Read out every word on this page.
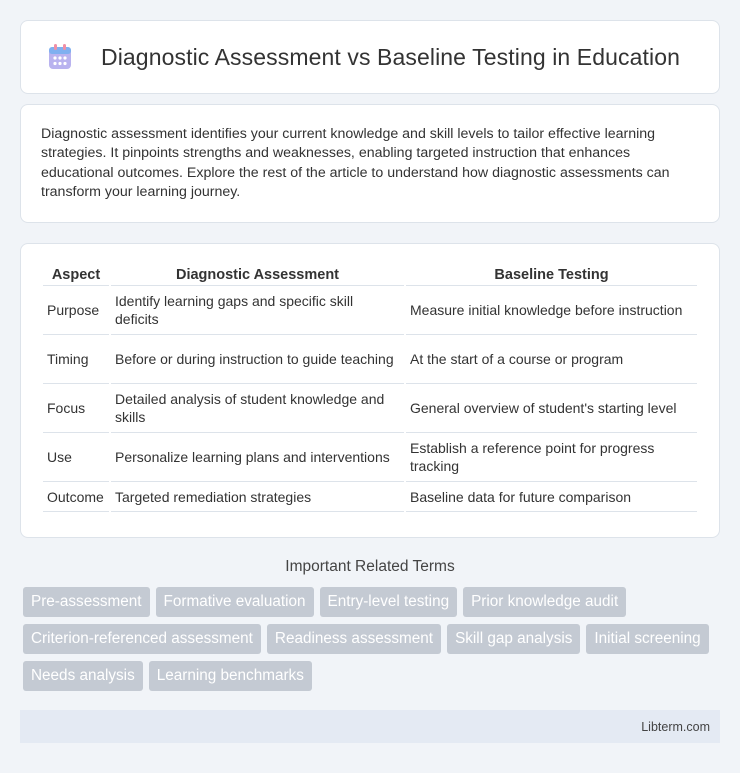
Diagnostic Assessment vs Baseline Testing in Education

Diagnostic assessment identifies your current knowledge and skill levels to tailor effective learning strategies. It pinpoints strengths and weaknesses, enabling targeted instruction that enhances educational outcomes. Explore the rest of the article to understand how diagnostic assessments can transform your learning journey.

Aspect	Diagnostic Assessment	Baseline Testing
Purpose	Identify learning gaps and specific skill deficits	Measure initial knowledge before instruction
Timing	Before or during instruction to guide teaching	At the start of a course or program
Focus	Detailed analysis of student knowledge and skills	General overview of student's starting level
Use	Personalize learning plans and interventions	Establish a reference point for progress tracking
Outcome	Targeted remediation strategies	Baseline data for future comparison
Important Related Terms
Pre-assessment	Formative evaluation	Entry-level testing	Prior knowledge audit
Criterion-referenced assessment	Readiness assessment	Skill gap analysis	Initial screening
Needs analysis	Learning benchmarks
Libterm.com
